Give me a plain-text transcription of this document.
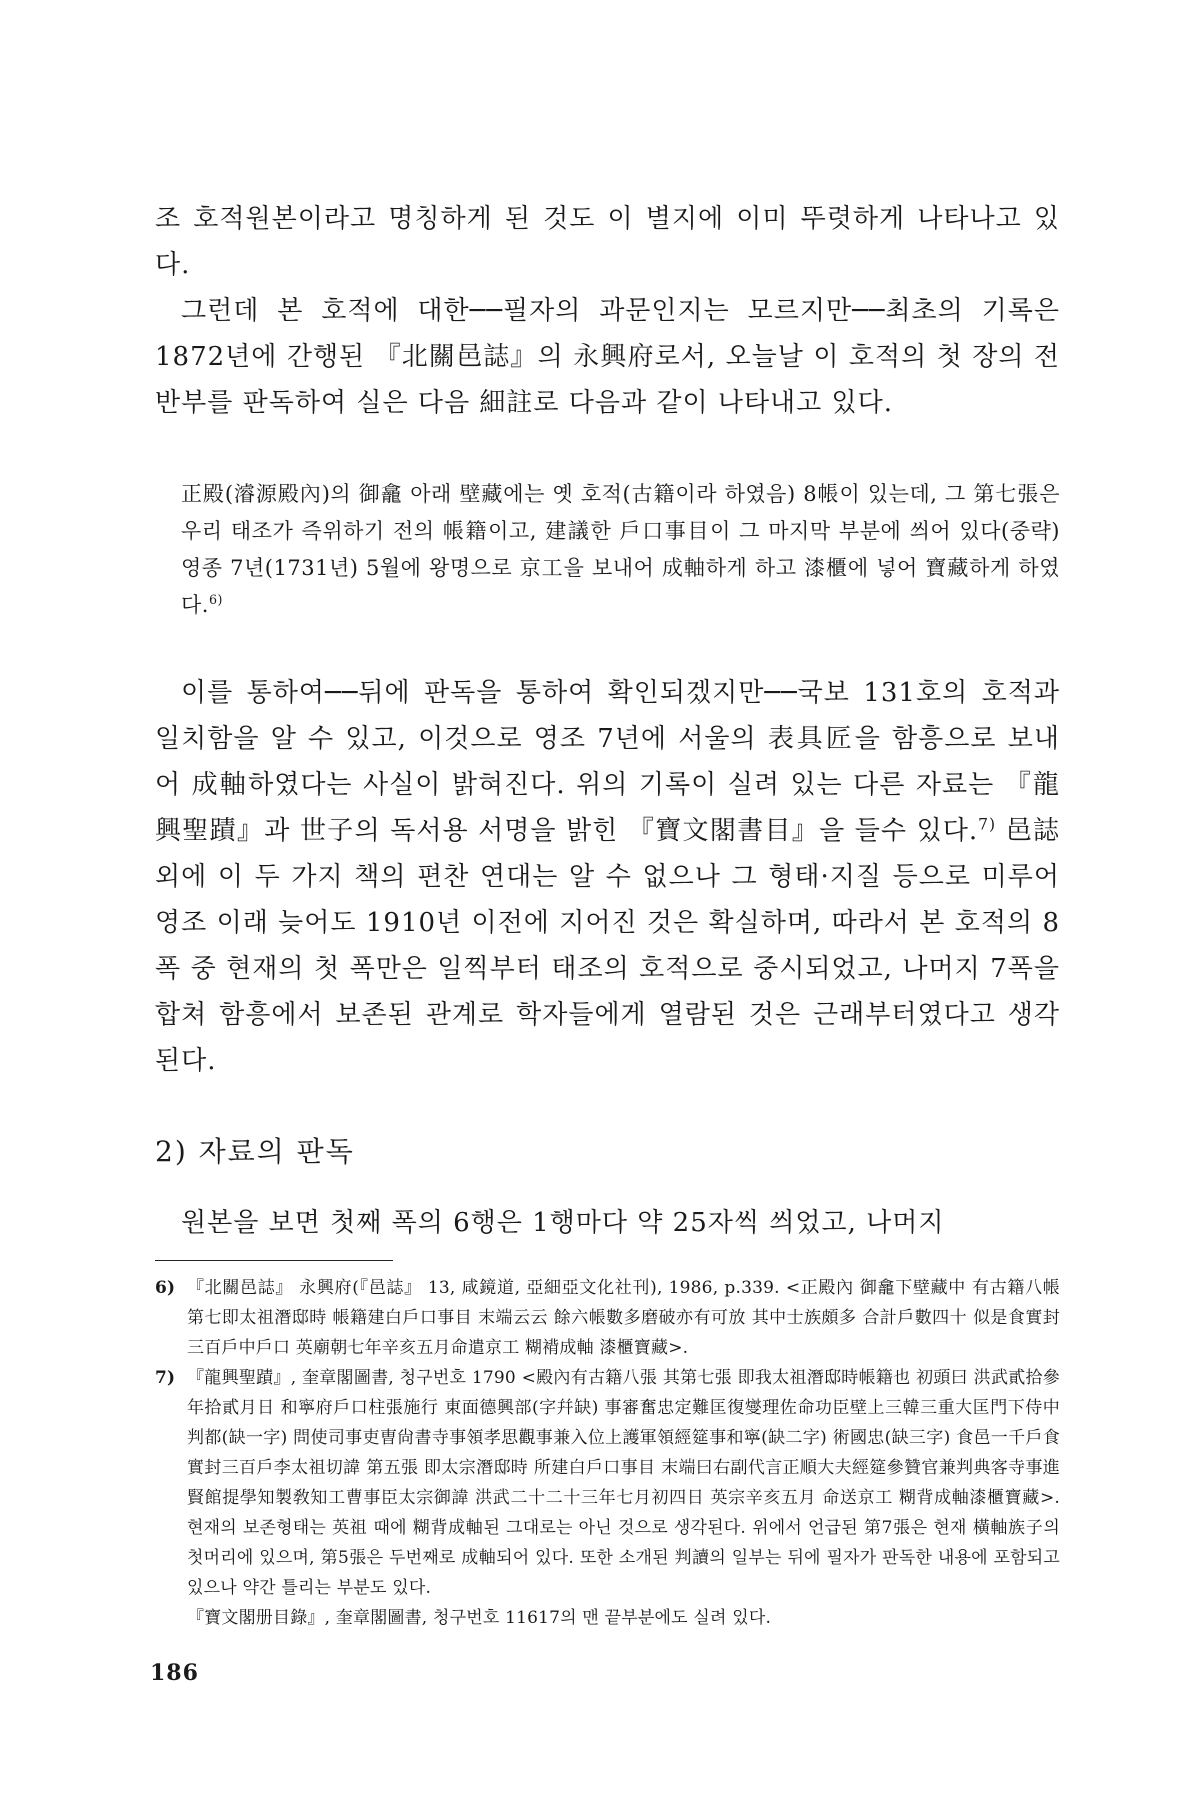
조 호적원본이라고 명칭하게 된 것도 이 별지에 이미 뚜렷하게 나타나고 있다.

그런데 본 호적에 대한──필자의 과문인지는 모르지만──최초의 기록은 1872년에 간행된 『北關邑誌』의 永興府로서, 오늘날 이 호적의 첫 장의 전반부를 판독하여 실은 다음 細註로 다음과 같이 나타내고 있다.

正殿(濬源殿內)의 御龕 아래 壁藏에는 옛 호적(古籍이라 하였음) 8帳이 있는데, 그 第七張은 우리 태조가 즉위하기 전의 帳籍이고, 建議한 戶口事目이 그 마지막 부분에 씌어 있다(중략) 영종 7년(1731년) 5월에 왕명으로 京工을 보내어 成軸하게 하고 漆櫃에 넣어 寶藏하게 하였다.$^{6)}$

이를 통하여──뒤에 판독을 통하여 확인되겠지만──국보 131호의 호적과 일치함을 알 수 있고, 이것으로 영조 7년에 서울의 表具匠을 함흥으로 보내어 成軸하였다는 사실이 밝혀진다. 위의 기록이 실려 있는 다른 자료는 『龍興聖蹟』과 世子의 독서용 서명을 밝힌 『寶文閣書目』을 들수 있다.$^{7)}$ 邑誌 외에 이 두 가지 책의 편찬 연대는 알 수 없으나 그 형태·지질 등으로 미루어 영조 이래 늦어도 1910년 이전에 지어진 것은 확실하며, 따라서 본 호적의 8폭 중 현재의 첫 폭만은 일찍부터 태조의 호적으로 중시되었고, 나머지 7폭을 합쳐 함흥에서 보존된 관계로 학자들에게 열람된 것은 근래부터였다고 생각된다.

2) 자료의 판독

원본을 보면 첫째 폭의 6행은 1행마다 약 25자씩 씌었고, 나머지

6) 『北關邑誌』 永興府(『邑誌』 13, 咸鏡道, 亞細亞文化社刊), 1986, p.339. <正殿內 御龕下壁藏中 有古籍八帳 第七即太祖潛邸時 帳籍建白戶口事目 末端云云 餘六帳數多磨破亦有可放 其中士族頗多 合計戶數四十 似是食實封三百戶中戶口 英廟朝七年辛亥五月命遣京工 糊褙成軸 漆櫃寶藏>.
7) 『龍興聖蹟』, 奎章閣圖書, 청구번호 1790 <殿內有古籍八張 其第七張 即我太祖潛邸時帳籍也 初頭曰 洪武貳拾參年拾貳月日 和寧府戶口柱張施行 東面德興部(字幷缺) 事審奮忠定難匡復燮理佐命功臣壁上三韓三重大匡門下侍中判都(缺一字) 問使司事吏曺尙書寺事領孝思觀事兼入位上護軍領經筵事和寧(缺二字) 術國忠(缺三字) 食邑一千戶食實封三百戶李太祖切諱 第五張 即太宗潛邸時 所建白戶口事目 末端曰右副代言正順大夫經筵參贊官兼判典客寺事進賢館提學知製敎知工曹事臣太宗御諱 洪武二十二十三年七月初四日 英宗辛亥五月 命送京工 糊背成軸漆櫃寶藏>. 현재의 보존형태는 英祖 때에 糊背成軸된 그대로는 아닌 것으로 생각된다. 위에서 언급된 第7張은 현재 橫軸族子의 첫머리에 있으며, 第5張은 두번째로 成軸되어 있다. 또한 소개된 判讀의 일부는 뒤에 필자가 판독한 내용에 포함되고 있으나 약간 틀리는 부분도 있다.
『寶文閣册目錄』, 奎章閣圖書, 청구번호 11617의 맨 끝부분에도 실려 있다.
186
